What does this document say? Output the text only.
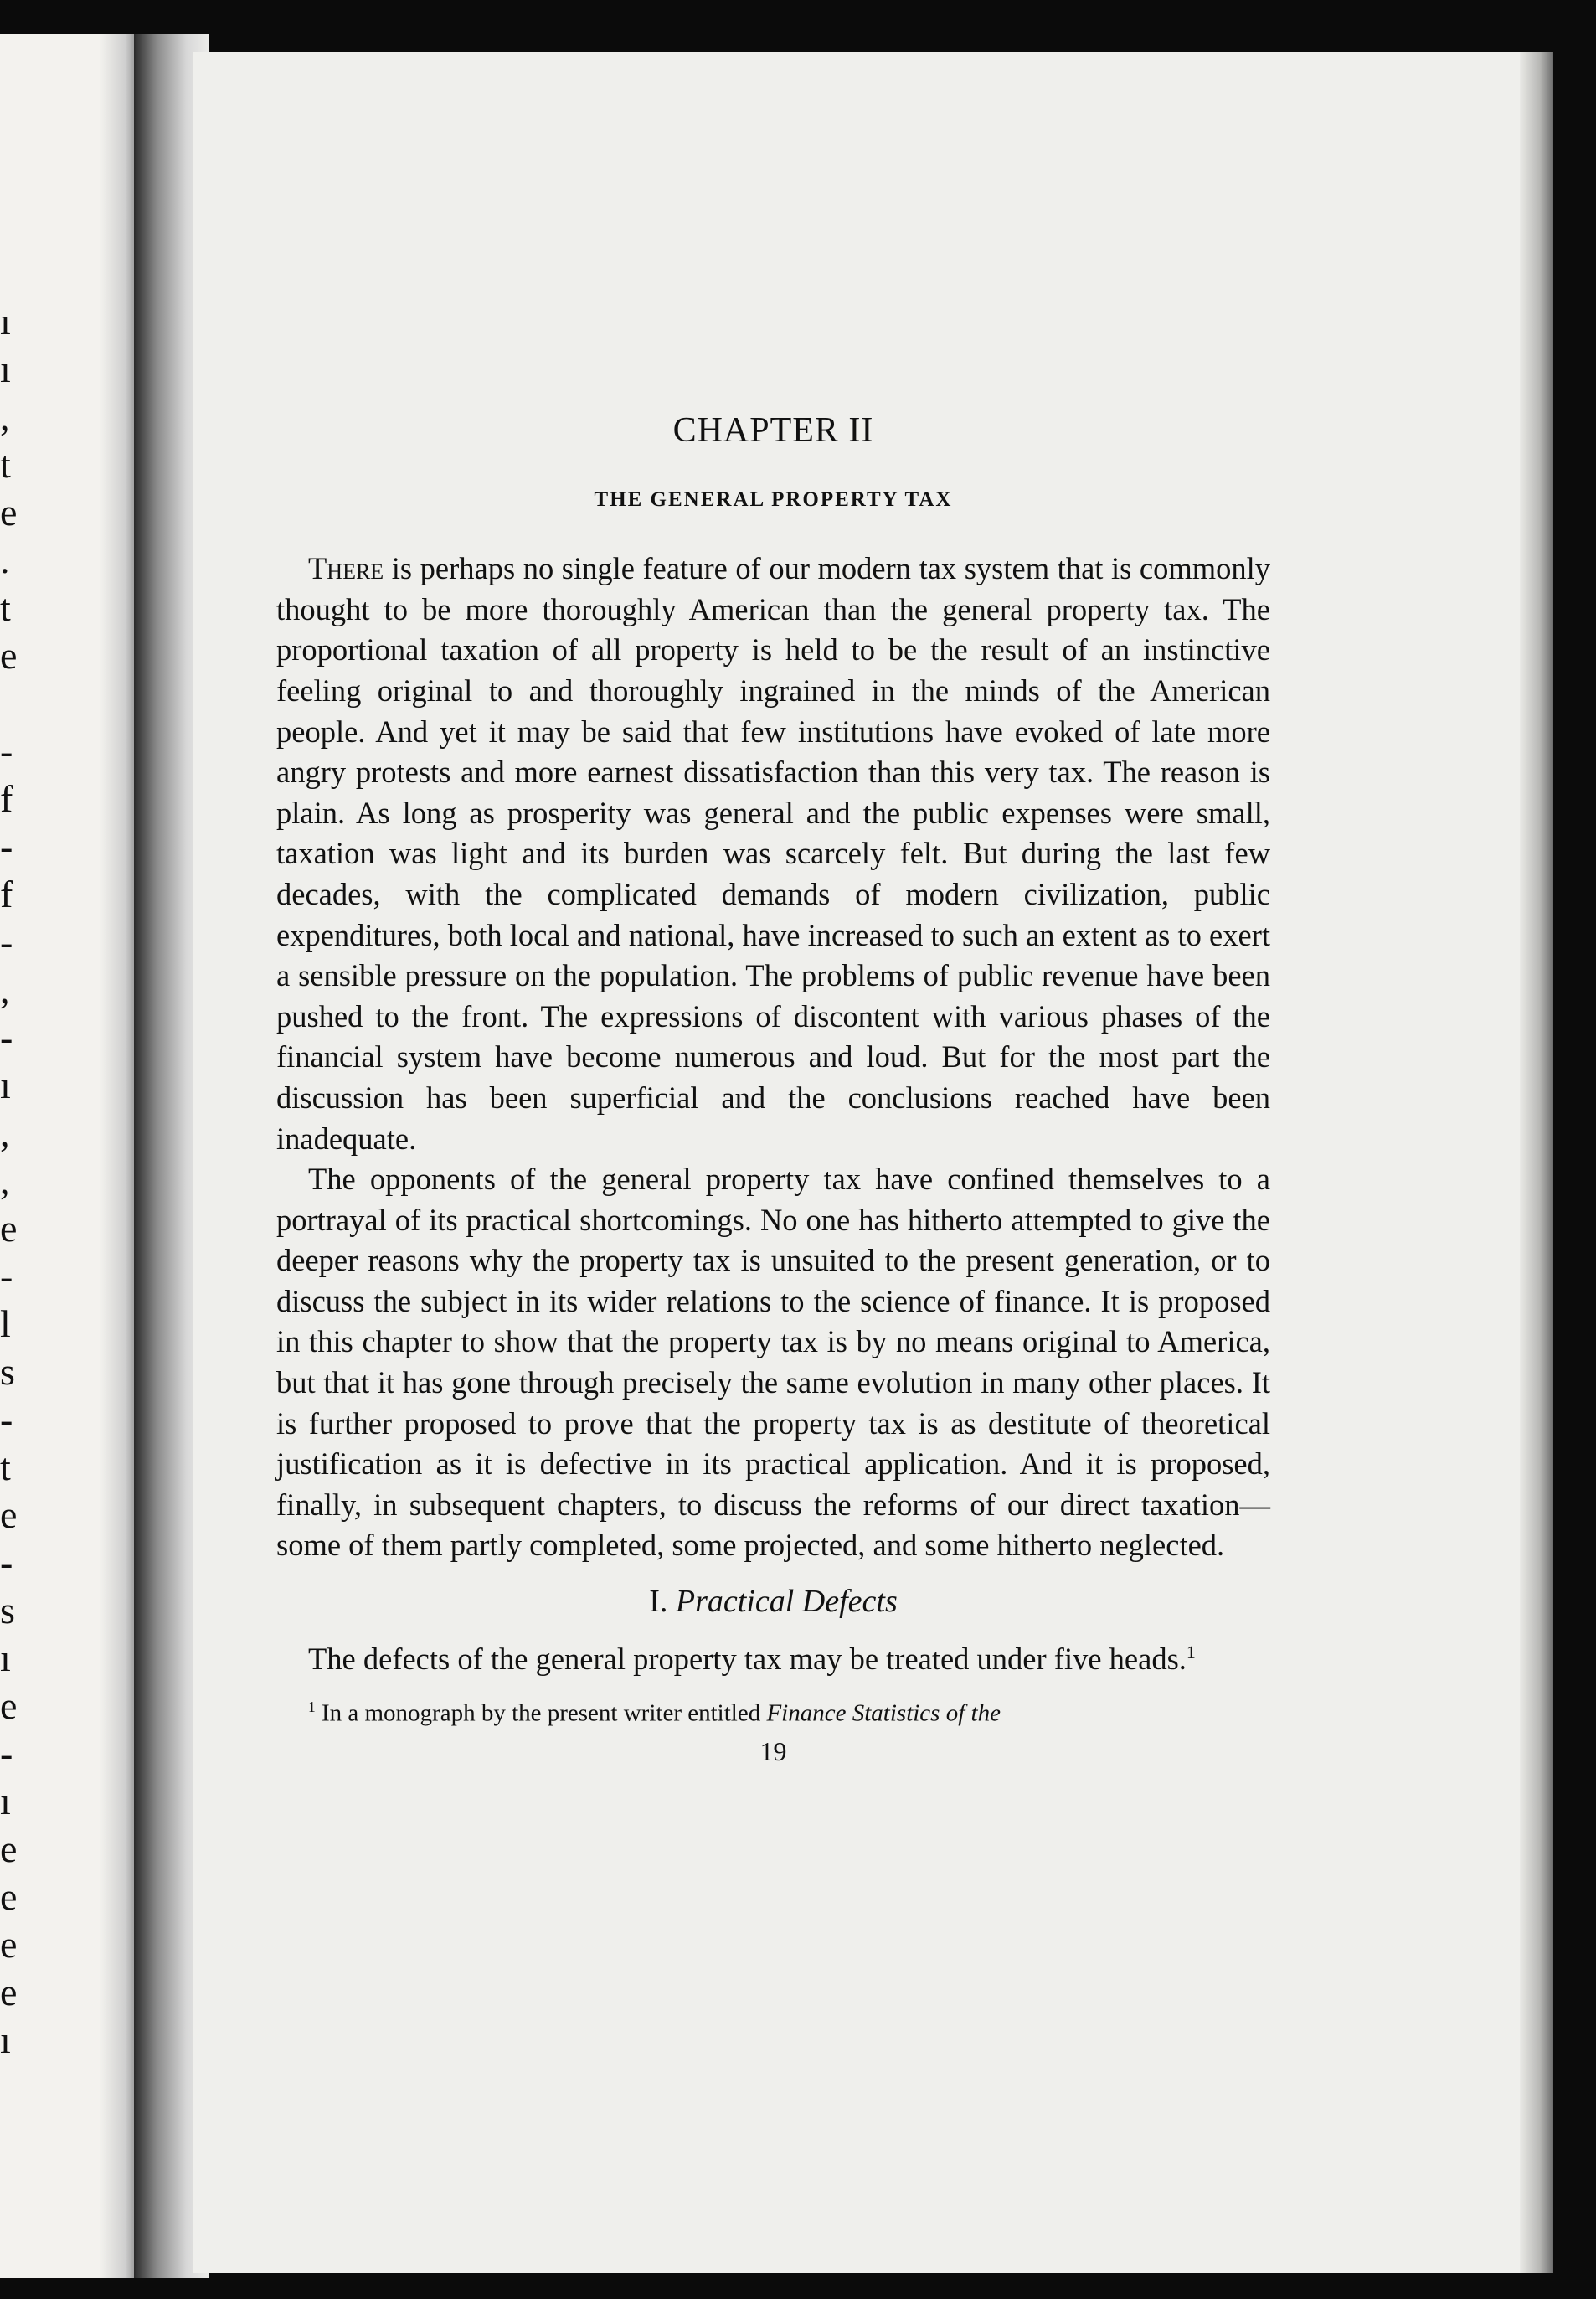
ı
ı
,
t
e
.
t
e
-
f
-
f
-
,
-
ı
,
,
e
-
l
s
-
t
e
-
s
ı
e
-
ı
e
e
e
e
ı
CHAPTER II
THE GENERAL PROPERTY TAX

There is perhaps no single feature of our modern tax system that is commonly thought to be more thoroughly American than the general property tax. The proportional taxation of all property is held to be the result of an instinctive feeling original to and thoroughly ingrained in the minds of the American people. And yet it may be said that few institutions have evoked of late more angry protests and more earnest dissatisfaction than this very tax. The reason is plain. As long as prosperity was general and the public expenses were small, taxation was light and its burden was scarcely felt. But during the last few decades, with the complicated demands of modern civilization, public expenditures, both local and national, have increased to such an extent as to exert a sensible pressure on the population. The problems of public revenue have been pushed to the front. The expressions of discontent with various phases of the financial system have become numerous and loud. But for the most part the discussion has been superficial and the conclusions reached have been inadequate.

The opponents of the general property tax have confined themselves to a portrayal of its practical shortcomings. No one has hitherto attempted to give the deeper reasons why the property tax is unsuited to the present generation, or to discuss the subject in its wider relations to the science of finance. It is proposed in this chapter to show that the property tax is by no means original to America, but that it has gone through precisely the same evolution in many other places. It is further proposed to prove that the property tax is as destitute of theoretical justification as it is defective in its practical application. And it is proposed, finally, in subsequent chapters, to discuss the reforms of our direct taxation—some of them partly completed, some projected, and some hitherto neglected.

I. Practical Defects

The defects of the general property tax may be treated under five heads.$^1$

$^1$ In a monograph by the present writer entitled Finance Statistics of the

19
